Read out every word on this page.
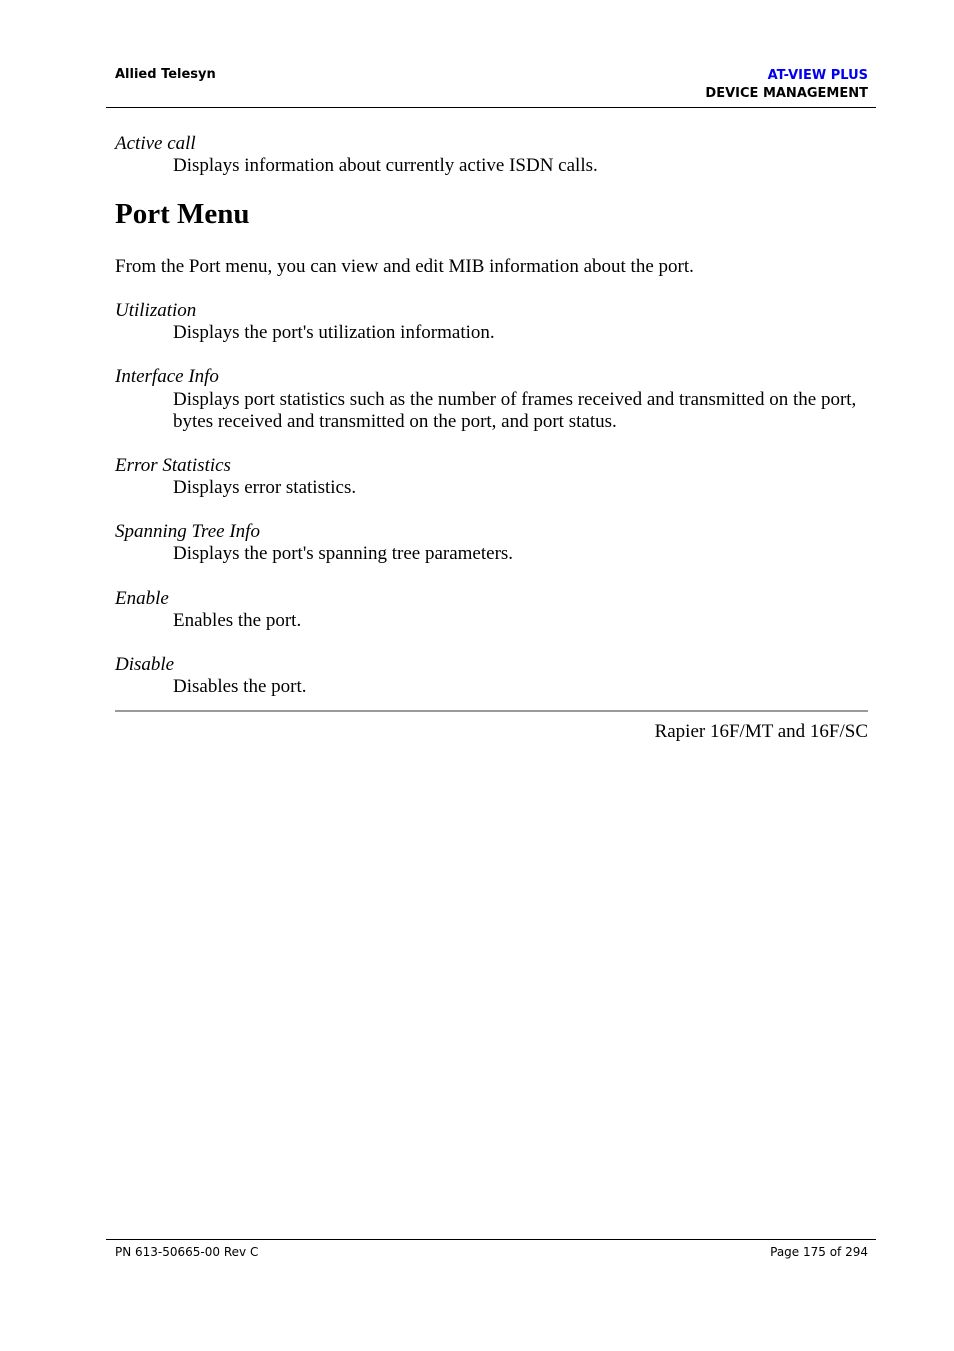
Allied Telesyn	AT-VIEW PLUS
DEVICE MANAGEMENT
Active call
Displays information about currently active ISDN calls.
Port Menu
From the Port menu, you can view and edit MIB information about the port.
Utilization
Displays the port's utilization information.
Interface Info
Displays port statistics such as the number of frames received and transmitted on the port, bytes received and transmitted on the port, and port status.
Error Statistics
Displays error statistics.
Spanning Tree Info
Displays the port's spanning tree parameters.
Enable
Enables the port.
Disable
Disables the port.
Rapier 16F/MT and 16F/SC
PN 613-50665-00 Rev C	Page 175 of 294
